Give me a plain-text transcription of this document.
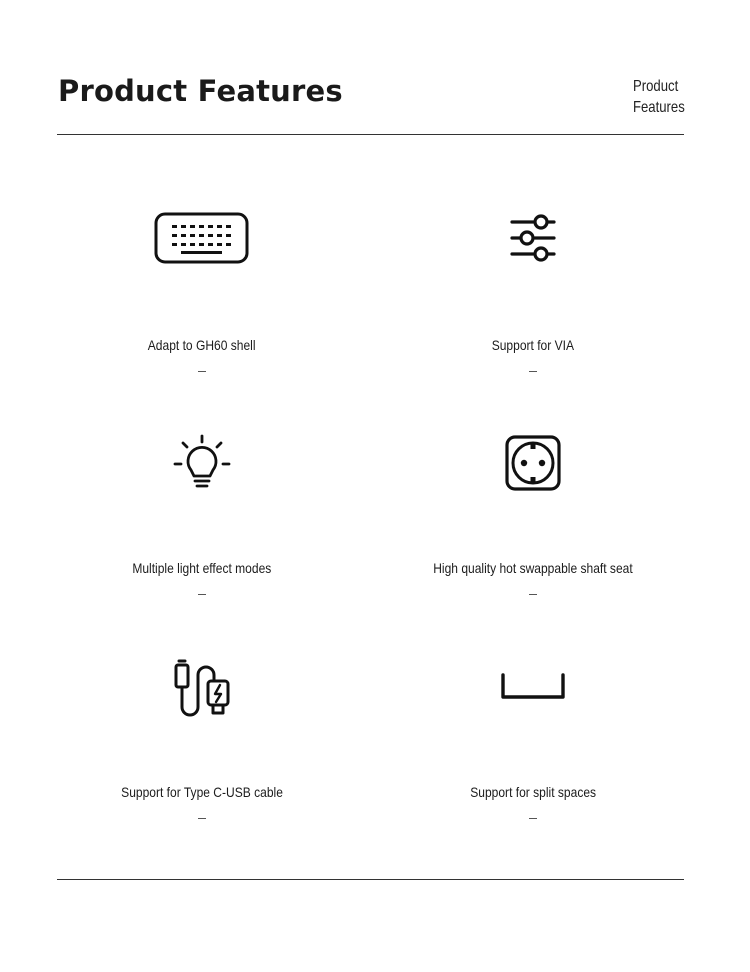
Product Features	Product
Features
Adapt to GH60 shell	Support for VIA
Multiple light effect modes	High quality hot swappable shaft seat
Support for Type C-USB cable	Support for split spaces
